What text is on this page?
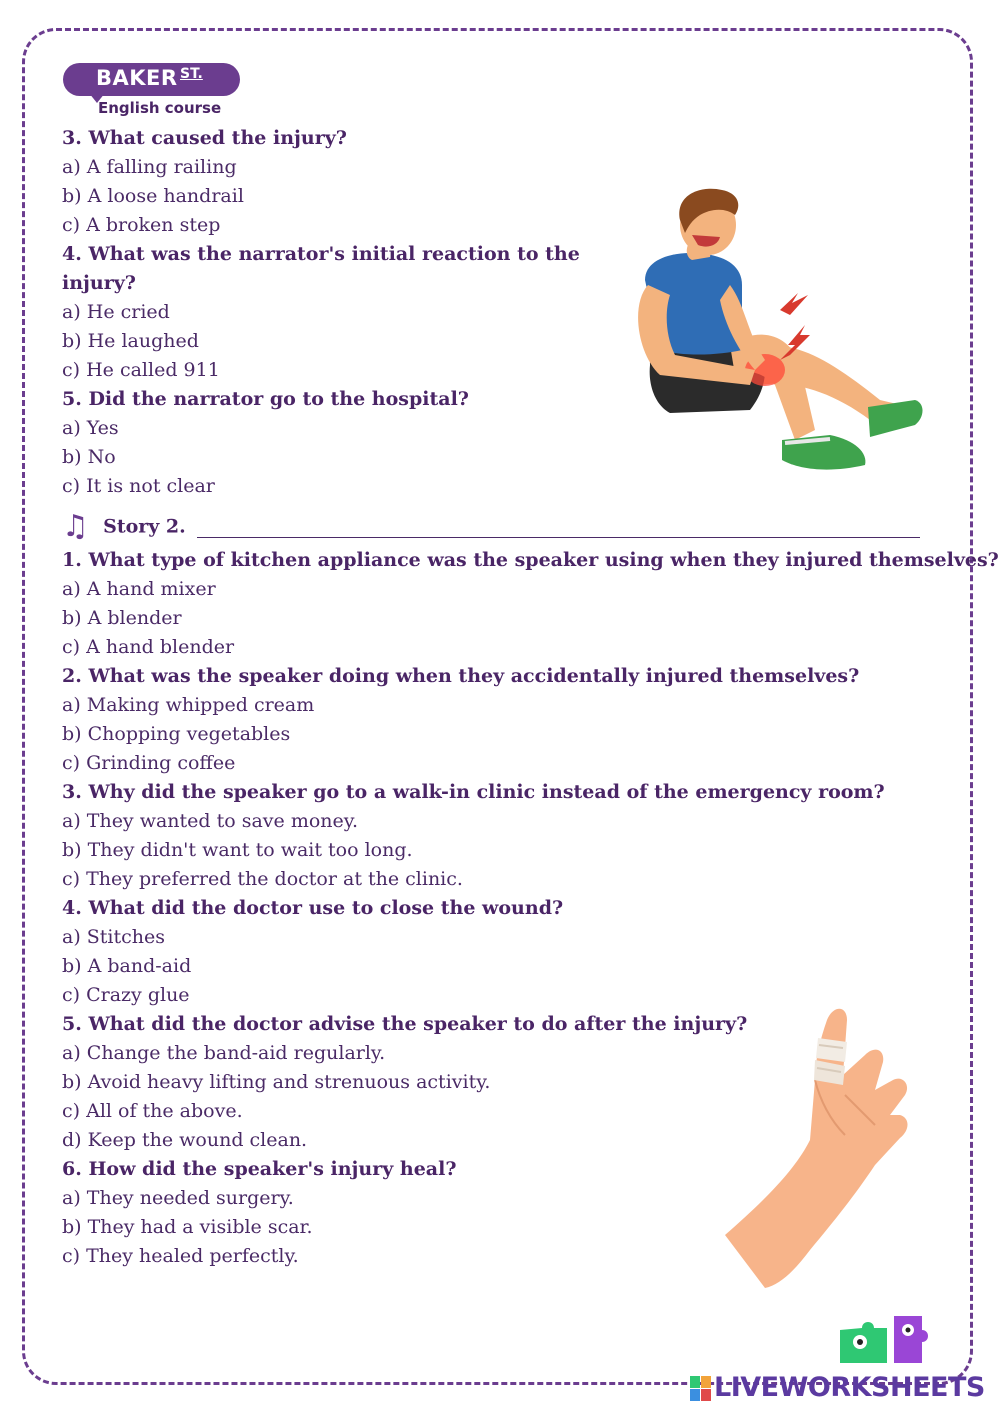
BAKER ST.
English course
3. What caused the injury?
a) A falling railing
b) A loose handrail
c) A broken step
4. What was the narrator's initial reaction to the
injury?
a) He cried
b) He laughed
c) He called 911
5. Did the narrator go to the hospital?
a) Yes
b) No
c) It is not clear
♫ Story 2.
1. What type of kitchen appliance was the speaker using when they injured themselves?
a) A hand mixer
b) A blender
c) A hand blender
2. What was the speaker doing when they accidentally injured themselves?
a) Making whipped cream
b) Chopping vegetables
c) Grinding coffee
3. Why did the speaker go to a walk-in clinic instead of the emergency room?
a) They wanted to save money.
b) They didn't want to wait too long.
c) They preferred the doctor at the clinic.
4. What did the doctor use to close the wound?
a) Stitches
b) A band-aid
c) Crazy glue
5. What did the doctor advise the speaker to do after the injury?
a) Change the band-aid regularly.
b) Avoid heavy lifting and strenuous activity.
c) All of the above.
d) Keep the wound clean.
6. How did the speaker's injury heal?
a) They needed surgery.
b) They had a visible scar.
c) They healed perfectly.
LIVEWORKSHEETS
